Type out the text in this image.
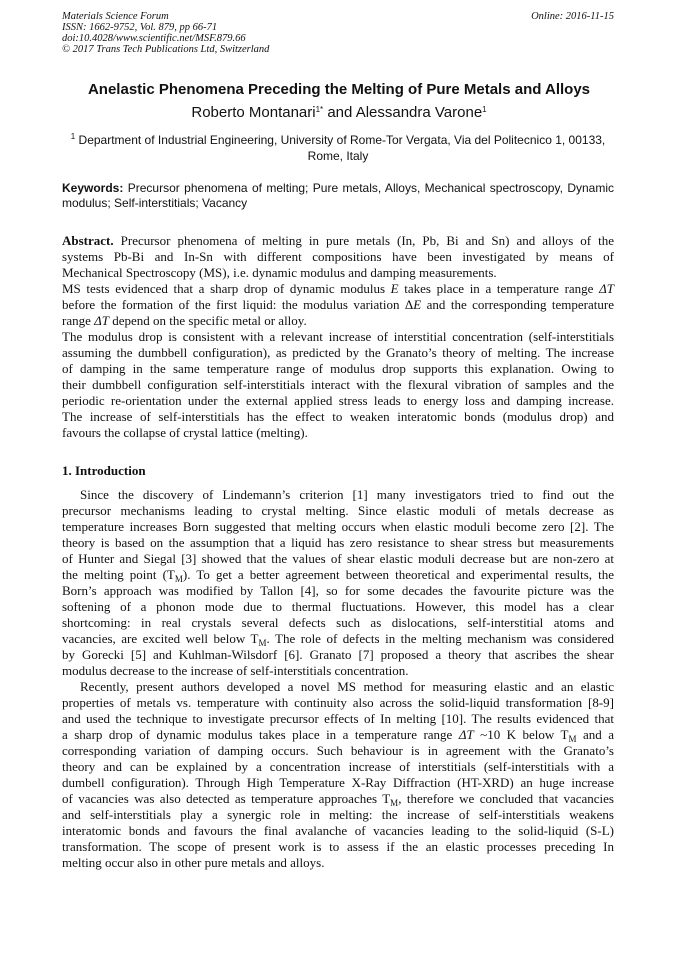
Materials Science Forum
ISSN: 1662-9752, Vol. 879, pp 66-71
doi:10.4028/www.scientific.net/MSF.879.66
© 2017 Trans Tech Publications Ltd, Switzerland
Online: 2016-11-15
Anelastic Phenomena Preceding the Melting of Pure Metals and Alloys
Roberto Montanari$^{1*}$ and Alessandra Varone$^1$
$^1$ Department of Industrial Engineering, University of Rome-Tor Vergata, Via del Politecnico 1, 00133, Rome, Italy
Keywords: Precursor phenomena of melting; Pure metals, Alloys, Mechanical spectroscopy, Dynamic modulus; Self-interstitials; Vacancy
Abstract. Precursor phenomena of melting in pure metals (In, Pb, Bi and Sn) and alloys of the
systems Pb-Bi and In-Sn with different compositions have been investigated by means of
Mechanical Spectroscopy (MS), i.e. dynamic modulus and damping measurements.
MS tests evidenced that a sharp drop of dynamic modulus E takes place in a temperature range ΔT
before the formation of the first liquid: the modulus variation ΔE and the corresponding temperature
range ΔT depend on the specific metal or alloy.
The modulus drop is consistent with a relevant increase of interstitial concentration (self-interstitials
assuming the dumbbell configuration), as predicted by the Granato’s theory of melting. The increase
of damping in the same temperature range of modulus drop supports this explanation. Owing to
their dumbbell configuration self-interstitials interact with the flexural vibration of samples and the
periodic re-orientation under the external applied stress leads to energy loss and damping increase.
The increase of self-interstitials has the effect to weaken interatomic bonds (modulus drop) and
favours the collapse of crystal lattice (melting).
1. Introduction
Since the discovery of Lindemann’s criterion [1] many investigators tried to find out the
precursor mechanisms leading to crystal melting. Since elastic moduli of metals decrease as
temperature increases Born suggested that melting occurs when elastic moduli become zero [2]. The
theory is based on the assumption that a liquid has zero resistance to shear stress but measurements
of Hunter and Siegal [3] showed that the values of shear elastic moduli decrease but are non-zero at
the melting point $(T_M)$. To get a better agreement between theoretical and experimental results, the
Born’s approach was modified by Tallon [4], so for some decades the favourite picture was the
softening of a phonon mode due to thermal fluctuations. However, this model has a clear
shortcoming: in real crystals several defects such as dislocations, self-interstitial atoms and
vacancies, are excited well below $T_M$. The role of defects in the melting mechanism was considered
by Gorecki [5] and Kuhlman-Wilsdorf [6]. Granato [7] proposed a theory that ascribes the shear
modulus decrease to the increase of self-interstitials concentration.
Recently, present authors developed a novel MS method for measuring elastic and an elastic
properties of metals vs. temperature with continuity also across the solid-liquid transformation [8-9]
and used the technique to investigate precursor effects of In melting [10]. The results evidenced that
a sharp drop of dynamic modulus takes place in a temperature range ΔT ~10 K below $T_M$ and a
corresponding variation of damping occurs. Such behaviour is in agreement with the Granato’s
theory and can be explained by a concentration increase of interstitials (self-interstitials with a
dumbell configuration). Through High Temperature X-Ray Diffraction (HT-XRD) an huge increase
of vacancies was also detected as temperature approaches $T_M$, therefore we concluded that vacancies
and self-interstitials play a synergic role in melting: the increase of self-interstitials weakens
interatomic bonds and favours the final avalanche of vacancies leading to the solid-liquid (S-L)
transformation. The scope of present work is to assess if the an elastic processes preceding In
melting occur also in other pure metals and alloys.
